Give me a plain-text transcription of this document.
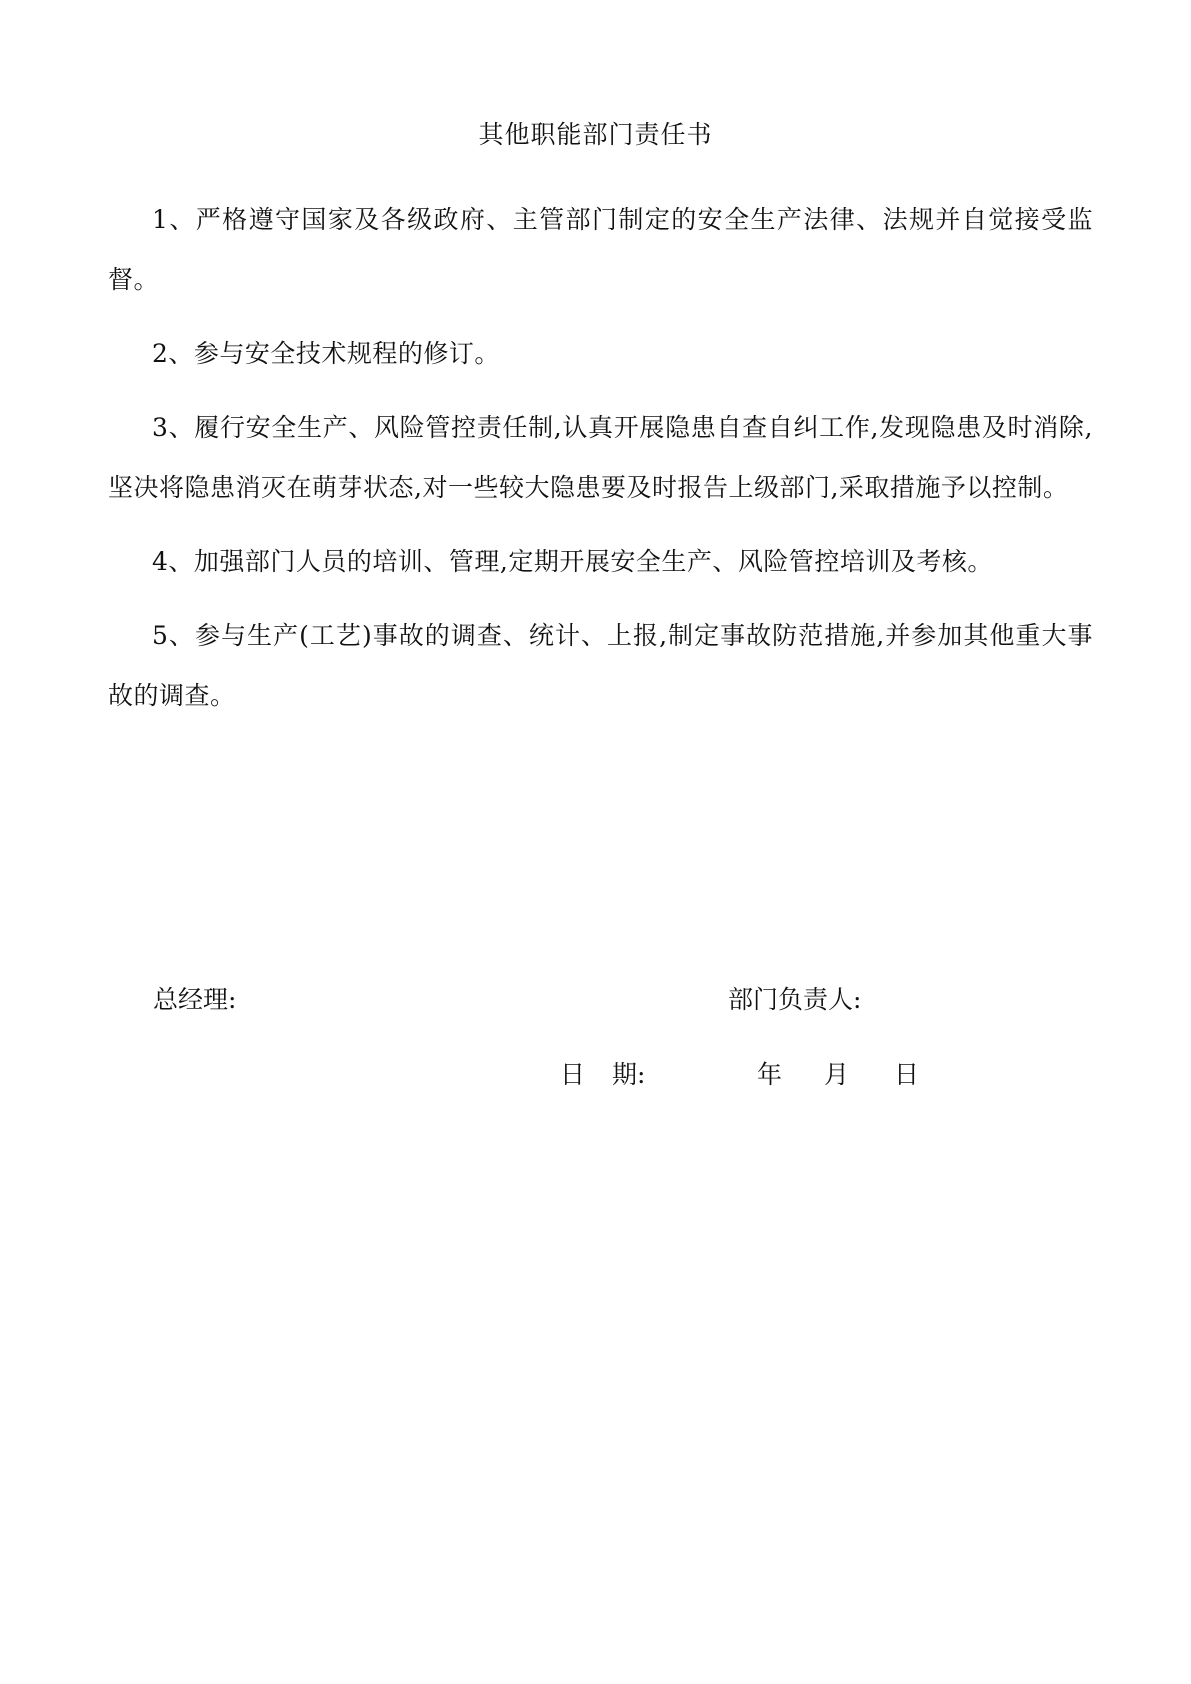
其他职能部门责任书

1、严格遵守国家及各级政府、主管部门制定的安全生产法律、法规并自觉接受监督。

2、参与安全技术规程的修订。

3、履行安全生产、风险管控责任制,认真开展隐患自查自纠工作,发现隐患及时消除,坚决将隐患消灭在萌芽状态,对一些较大隐患要及时报告上级部门,采取措施予以控制。

4、加强部门人员的培训、管理,定期开展安全生产、风险管控培训及考核。

5、参与生产(工艺)事故的调查、统计、上报,制定事故防范措施,并参加其他重大事故的调查。

总经理:	部门负责人:
日 期:	年 月 日
